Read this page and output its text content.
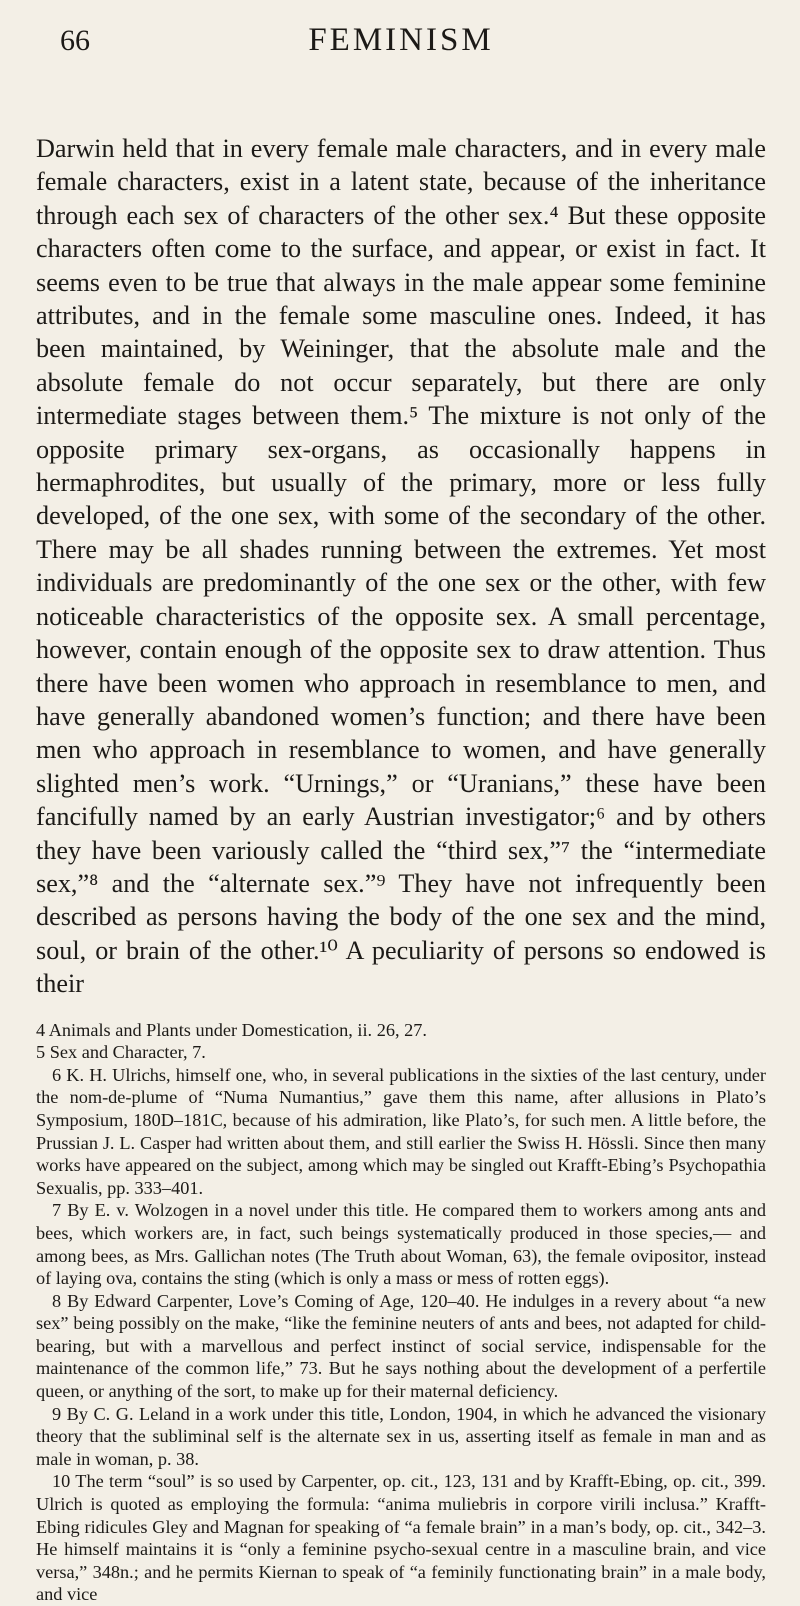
66	FEMINISM

Darwin held that in every female male characters, and in every male female characters, exist in a latent state, because of the inheritance through each sex of characters of the other sex.⁴ But these opposite characters often come to the surface, and appear, or exist in fact. It seems even to be true that always in the male appear some feminine attributes, and in the female some masculine ones. Indeed, it has been maintained, by Weininger, that the absolute male and the absolute female do not occur separately, but there are only intermediate stages between them.⁵ The mixture is not only of the opposite primary sex-organs, as occasionally happens in hermaphrodites, but usually of the primary, more or less fully developed, of the one sex, with some of the secondary of the other. There may be all shades running between the extremes. Yet most individuals are predominantly of the one sex or the other, with few noticeable characteristics of the opposite sex. A small percentage, however, contain enough of the opposite sex to draw attention. Thus there have been women who approach in resemblance to men, and have generally abandoned women’s function; and there have been men who approach in resemblance to women, and have generally slighted men’s work. “Urnings,” or “Uranians,” these have been fancifully named by an early Austrian investigator;⁶ and by others they have been variously called the “third sex,”⁷ the “intermediate sex,”⁸ and the “alternate sex.”⁹ They have not infrequently been described as persons having the body of the one sex and the mind, soul, or brain of the other.¹⁰ A peculiarity of persons so endowed is their

4 Animals and Plants under Domestication, ii. 26, 27.

5 Sex and Character, 7.

6 K. H. Ulrichs, himself one, who, in several publications in the sixties of the last century, under the nom-de-plume of “Numa Numantius,” gave them this name, after allusions in Plato’s Symposium, 180D–181C, because of his admiration, like Plato’s, for such men. A little before, the Prussian J. L. Casper had written about them, and still earlier the Swiss H. Hössli. Since then many works have appeared on the subject, among which may be singled out Krafft-Ebing’s Psychopathia Sexualis, pp. 333–401.

7 By E. v. Wolzogen in a novel under this title. He compared them to workers among ants and bees, which workers are, in fact, such beings systematically produced in those species,— and among bees, as Mrs. Gallichan notes (The Truth about Woman, 63), the female ovipositor, instead of laying ova, contains the sting (which is only a mass or mess of rotten eggs).

8 By Edward Carpenter, Love’s Coming of Age, 120–40. He indulges in a revery about “a new sex” being possibly on the make, “like the feminine neuters of ants and bees, not adapted for child-bearing, but with a marvellous and perfect instinct of social service, indispensable for the maintenance of the common life,” 73. But he says nothing about the development of a perfertile queen, or anything of the sort, to make up for their maternal deficiency.

9 By C. G. Leland in a work under this title, London, 1904, in which he advanced the visionary theory that the subliminal self is the alternate sex in us, asserting itself as female in man and as male in woman, p. 38.

10 The term “soul” is so used by Carpenter, op. cit., 123, 131 and by Krafft-Ebing, op. cit., 399. Ulrich is quoted as employing the formula: “anima muliebris in corpore virili inclusa.” Krafft-Ebing ridicules Gley and Magnan for speaking of “a female brain” in a man’s body, op. cit., 342–3. He himself maintains it is “only a feminine psycho-sexual centre in a masculine brain, and vice versa,” 348n.; and he permits Kiernan to speak of “a feminily functionating brain” in a male body, and vice
